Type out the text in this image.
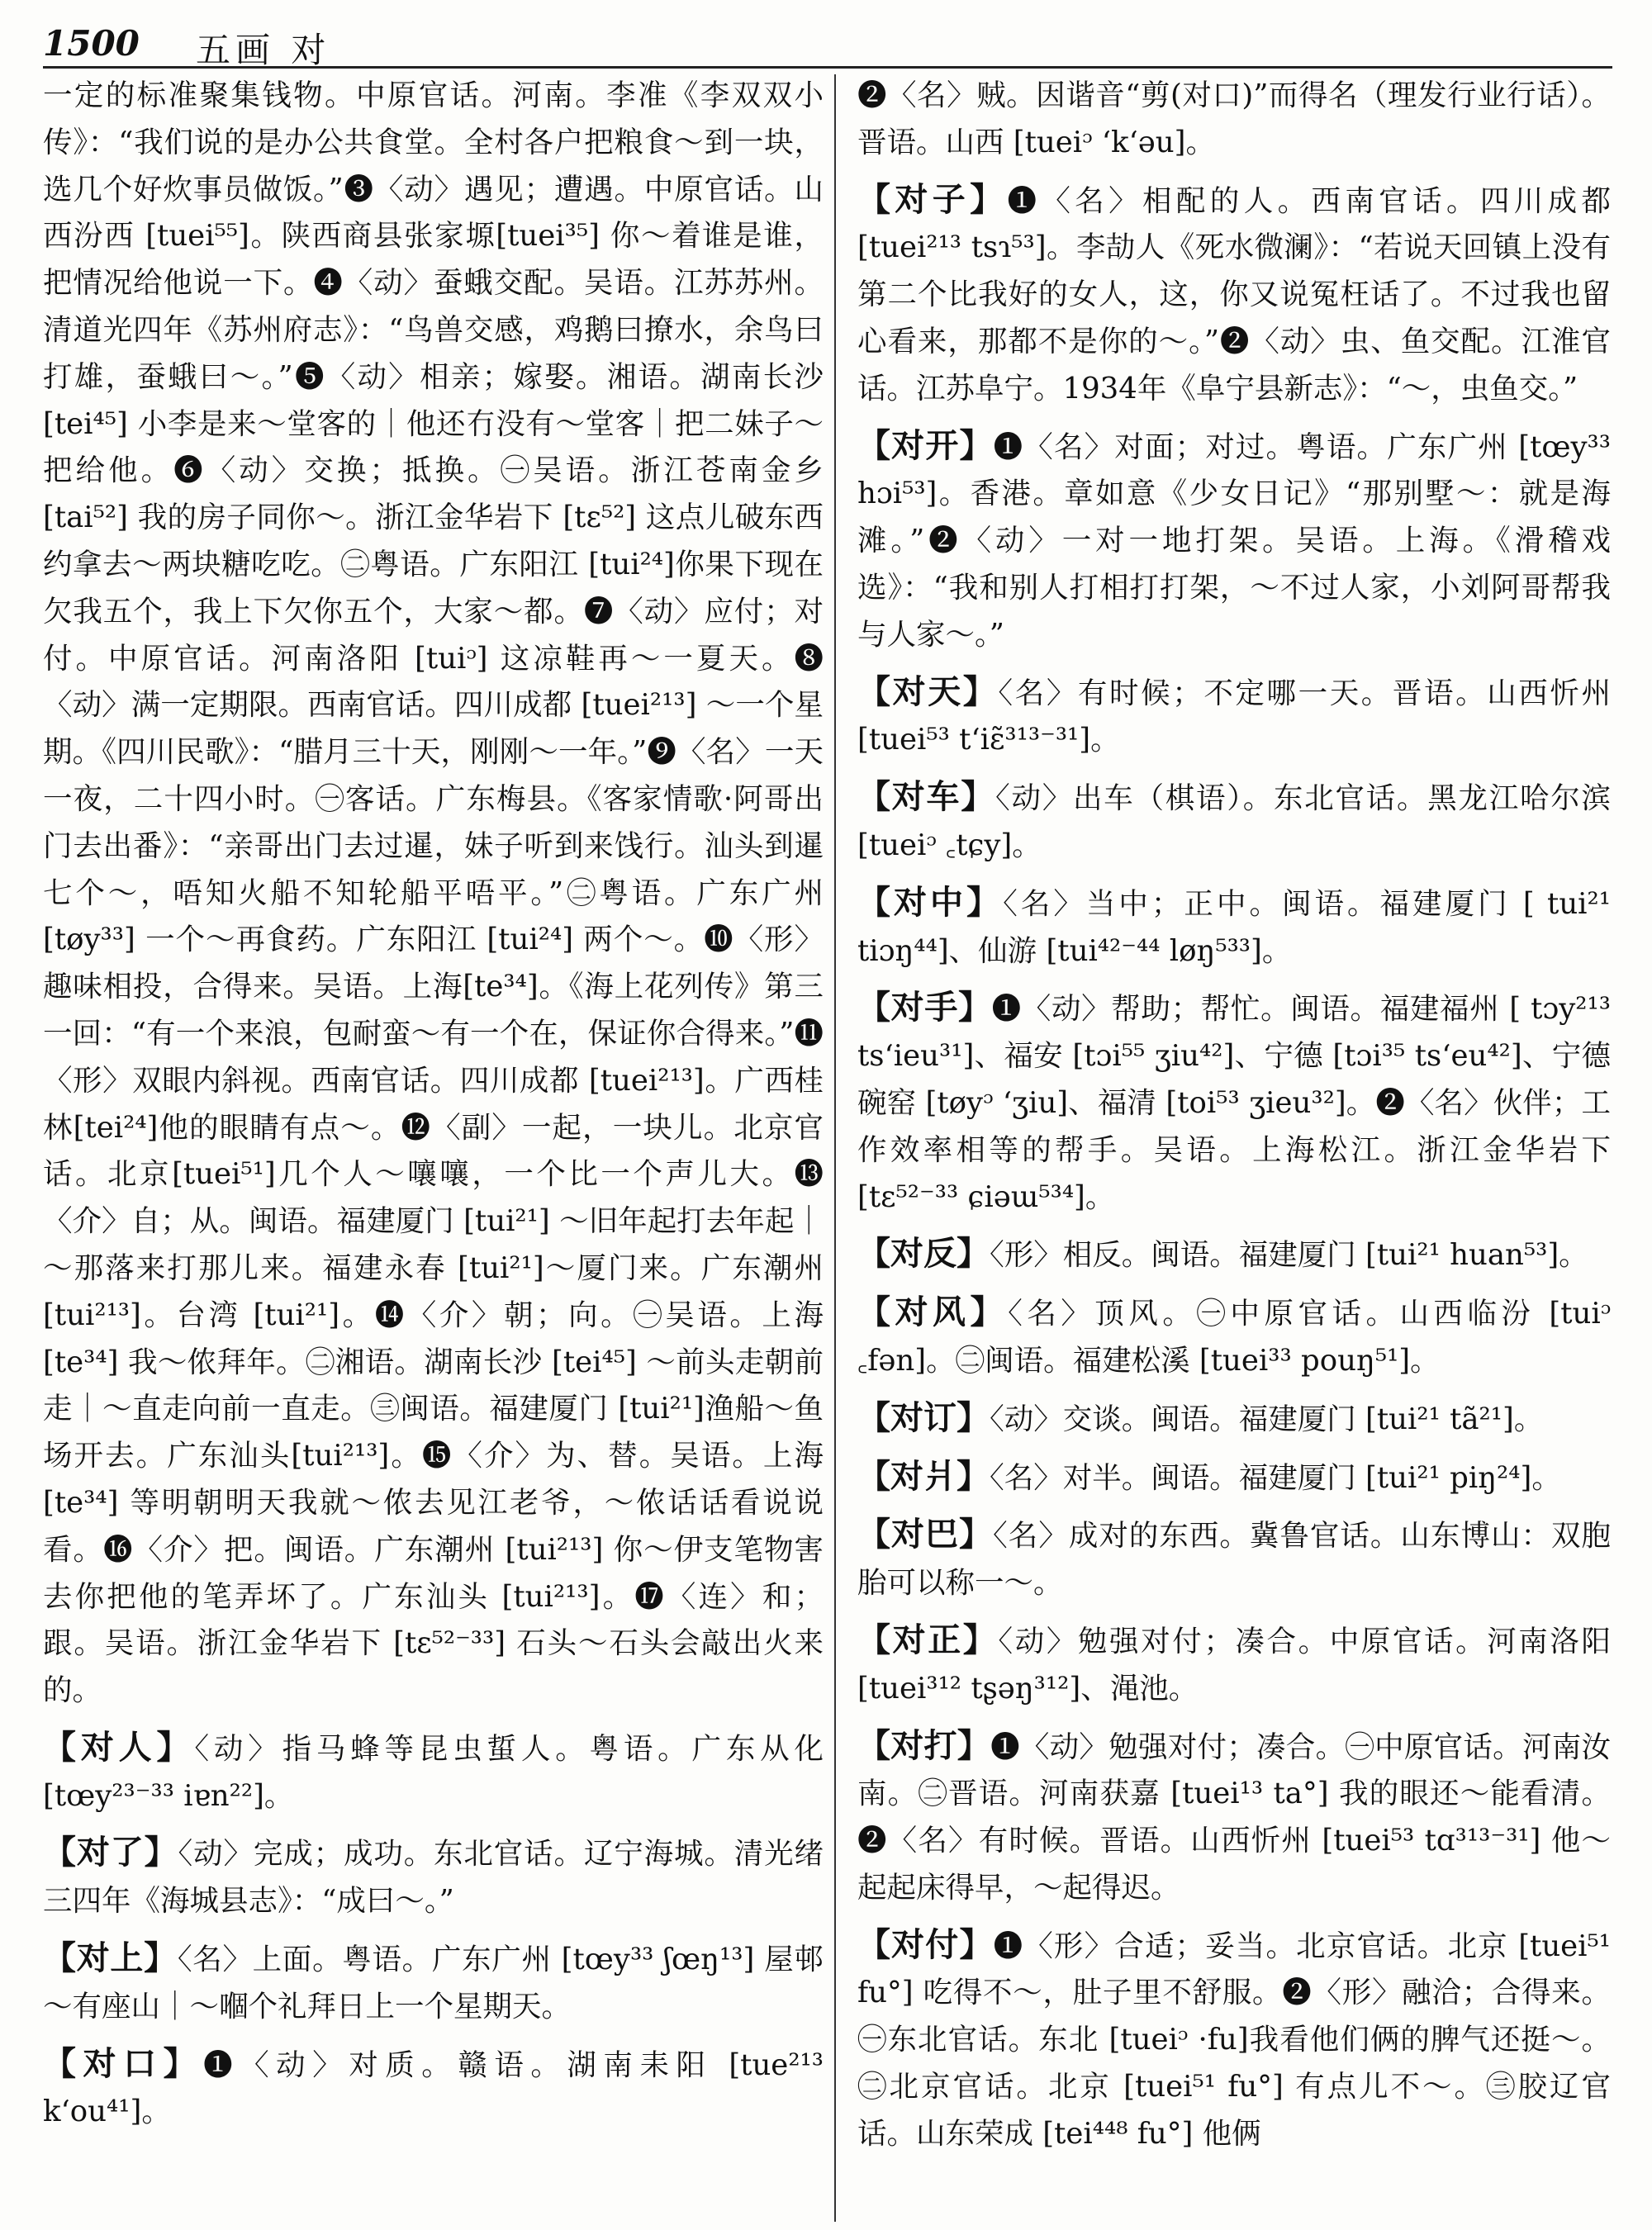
1500 五画 对

一定的标准聚集钱物。中原官话。河南。李准《李双双小传》：“我们说的是办公共食堂。全村各户把粮食～到一块，选几个好炊事员做饭。”❸〈动〉遇见；遭遇。中原官话。山西汾西 [tuei⁵⁵]。陕西商县张家塬[tuei³⁵] 你～着谁是谁，把情况给他说一下。❹〈动〉蚕蛾交配。吴语。江苏苏州。清道光四年《苏州府志》：“鸟兽交感，鸡鹅曰撩水，余鸟曰打雄，蚕蛾曰～。”❺〈动〉相亲；嫁娶。湘语。湖南长沙 [tei⁴⁵] 小李是来～堂客的｜他还冇没有～堂客｜把二妹子～把给他。❻〈动〉交换；抵换。㊀吴语。浙江苍南金乡 [tai⁵²] 我的房子同你～。浙江金华岩下 [tɛ⁵²] 这点儿破东西约拿去～两块糖吃吃。㊁粤语。广东阳江 [tui²⁴]你果下现在欠我五个，我上下欠你五个，大家～都。❼〈动〉应付；对付。中原官话。河南洛阳 [tuiᵓ] 这凉鞋再～一夏天。❽〈动〉满一定期限。西南官话。四川成都 [tuei²¹³] ～一个星期。《四川民歌》：“腊月三十天，刚刚～一年。”❾〈名〉一天一夜，二十四小时。㊀客话。广东梅县。《客家情歌·阿哥出门去出番》：“亲哥出门去过暹，妹子听到来饯行。汕头到暹七个～，唔知火船不知轮船平唔平。”㊁粤语。广东广州 [tøy³³] 一个～再食药。广东阳江 [tui²⁴] 两个～。❿〈形〉趣味相投，合得来。吴语。上海[te³⁴]。《海上花列传》第三一回：“有一个来浪，包耐蛮～有一个在，保证你合得来。”⓫〈形〉双眼内斜视。西南官话。四川成都 [tuei²¹³]。广西桂林[tei²⁴]他的眼睛有点～。⓬〈副〉一起，一块儿。北京官话。北京[tuei⁵¹]几个人～嚷嚷，一个比一个声儿大。⓭〈介〉自；从。闽语。福建厦门 [tui²¹] ～旧年起打去年起｜～那落来打那儿来。福建永春 [tui²¹]～厦门来。广东潮州 [tui²¹³]。台湾 [tui²¹]。⓮〈介〉朝；向。㊀吴语。上海 [te³⁴] 我～侬拜年。㊁湘语。湖南长沙 [tei⁴⁵] ～前头走朝前走｜～直走向前一直走。㊂闽语。福建厦门 [tui²¹]渔船～鱼场开去。广东汕头[tui²¹³]。⓯〈介〉为、替。吴语。上海 [te³⁴] 等明朝明天我就～侬去见江老爷，～侬话话看说说看。⓰〈介〉把。闽语。广东潮州 [tui²¹³] 你～伊支笔物害去你把他的笔弄坏了。广东汕头 [tui²¹³]。⓱〈连〉和；跟。吴语。浙江金华岩下 [tɛ⁵²⁻³³] 石头～石头会敲出火来的。

【对人】〈动〉指马蜂等昆虫蜇人。粤语。广东从化 [tœy²³⁻³³ iɐn²²]。

【对了】〈动〉完成；成功。东北官话。辽宁海城。清光绪三四年《海城县志》：“成曰～。”

【对上】〈名〉上面。粤语。广东广州 [tœy³³ ʃœŋ¹³] 屋邨～有座山｜～嗰个礼拜日上一个星期天。

【对口】❶〈动〉对质。赣语。湖南耒阳 [tue²¹³ k‘ou⁴¹]。

❷〈名〉贼。因谐音“剪(对口)”而得名（理发行业行话）。晋语。山西 [tueiᵓ ‘k‘əu]。

【对子】❶〈名〉相配的人。西南官话。四川成都 [tuei²¹³ tsɿ⁵³]。李劼人《死水微澜》：“若说天回镇上没有第二个比我好的女人，这，你又说冤枉话了。不过我也留心看来，那都不是你的～。”❷〈动〉虫、鱼交配。江淮官话。江苏阜宁。1934年《阜宁县新志》：“～，虫鱼交。”

【对开】❶〈名〉对面；对过。粤语。广东广州 [tœy³³ hɔi⁵³]。香港。章如意《少女日记》“那别墅～：就是海滩。”❷〈动〉一对一地打架。吴语。上海。《滑稽戏选》：“我和别人打相打打架，～不过人家，小刘阿哥帮我与人家～。”

【对天】〈名〉有时候；不定哪一天。晋语。山西忻州 [tuei⁵³ t‘iɛ̃³¹³⁻³¹]。

【对车】〈动〉出车（棋语）。东北官话。黑龙江哈尔滨 [tueiᵓ ꜀tɕy]。

【对中】〈名〉当中；正中。闽语。福建厦门 [ tui²¹ tiɔŋ⁴⁴]、仙游 [tui⁴²⁻⁴⁴ løŋ⁵³³]。

【对手】❶〈动〉帮助；帮忙。闽语。福建福州 [ tɔy²¹³ ts‘ieu³¹]、福安 [tɔi⁵⁵ ʒiu⁴²]、宁德 [tɔi³⁵ ts‘eu⁴²]、宁德碗窑 [tøyᵓ ‘ʒiu]、福清 [toi⁵³ ʒieu³²]。❷〈名〉伙伴；工作效率相等的帮手。吴语。上海松江。浙江金华岩下 [tɛ⁵²⁻³³ ɕiəɯ⁵³⁴]。

【对反】〈形〉相反。闽语。福建厦门 [tui²¹ huan⁵³]。

【对风】〈名〉顶风。㊀中原官话。山西临汾 [tuiᵓ ꜀fən]。㊁闽语。福建松溪 [tuei³³ pouŋ⁵¹]。

【对订】〈动〉交谈。闽语。福建厦门 [tui²¹ tã²¹]。

【对爿】〈名〉对半。闽语。福建厦门 [tui²¹ piŋ²⁴]。

【对巴】〈名〉成对的东西。冀鲁官话。山东博山：双胞胎可以称一～。

【对正】〈动〉勉强对付；凑合。中原官话。河南洛阳 [tuei³¹² tʂəŋ³¹²]、渑池。

【对打】❶〈动〉勉强对付；凑合。㊀中原官话。河南汝南。㊁晋语。河南获嘉 [tuei¹³ ta°] 我的眼还～能看清。❷〈名〉有时候。晋语。山西忻州 [tuei⁵³ tɑ³¹³⁻³¹] 他～起起床得早，～起得迟。

【对付】❶〈形〉合适；妥当。北京官话。北京 [tuei⁵¹ fu°] 吃得不～，肚子里不舒服。❷〈形〉融洽；合得来。㊀东北官话。东北 [tueiᵓ ·fu]我看他们俩的脾气还挺～。㊁北京官话。北京 [tuei⁵¹ fu°] 有点儿不～。㊂胶辽官话。山东荣成 [tei⁴⁴⁸ fu°] 他俩
